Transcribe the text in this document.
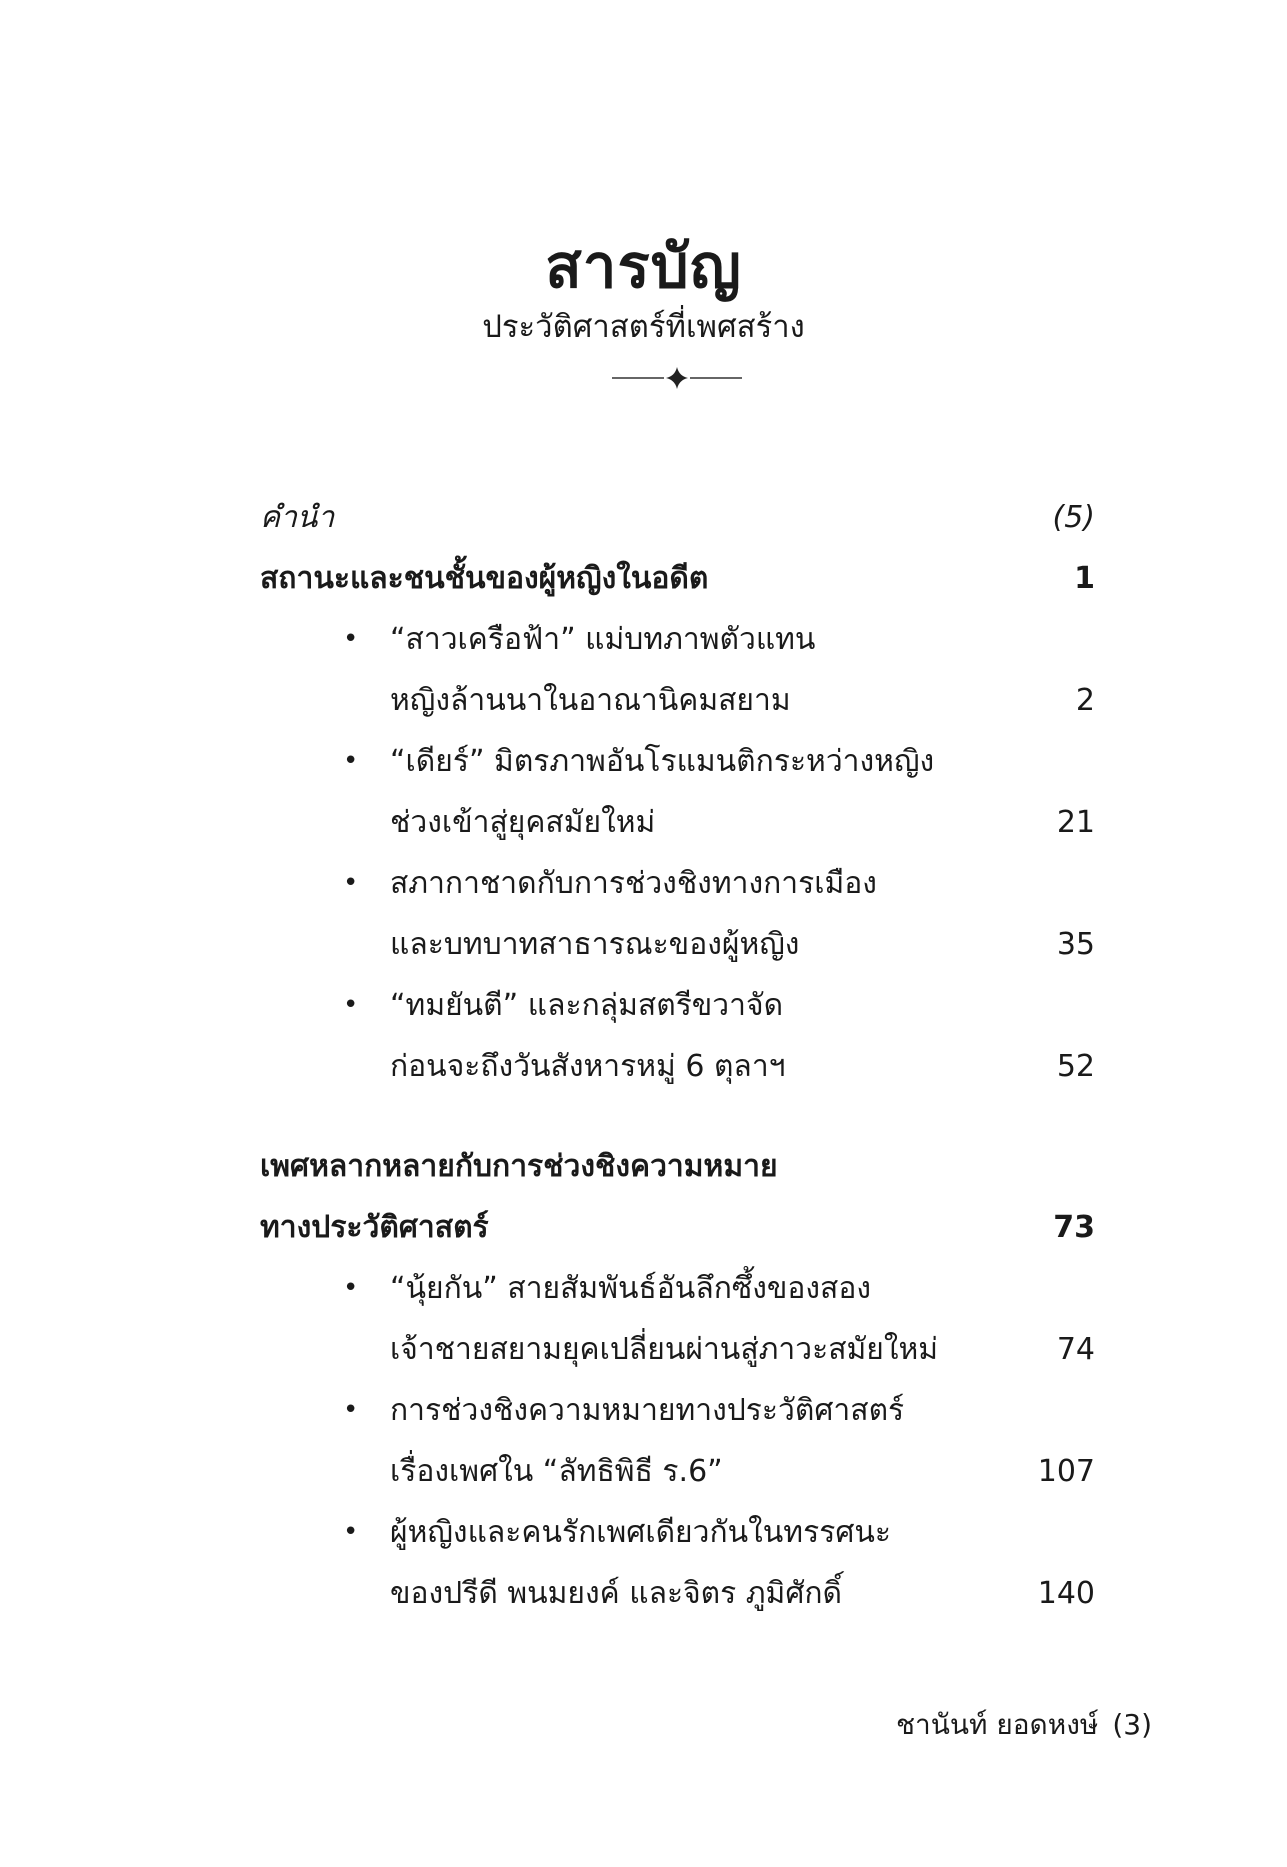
สารบัญ
ประวัติศาสตร์ที่เพศสร้าง
คำนำ	(5)
สถานะและชนชั้นของผู้หญิงในอดีต	1
• “สาวเครือฟ้า” แม่บทภาพตัวแทน
หญิงล้านนาในอาณานิคมสยาม	2
• “เดียร์” มิตรภาพอันโรแมนติกระหว่างหญิง
ช่วงเข้าสู่ยุคสมัยใหม่	21
• สภากาชาดกับการช่วงชิงทางการเมือง
และบทบาทสาธารณะของผู้หญิง	35
• “ทมยันตี” และกลุ่มสตรีขวาจัด
ก่อนจะถึงวันสังหารหมู่ 6 ตุลาฯ	52
เพศหลากหลายกับการช่วงชิงความหมาย
ทางประวัติศาสตร์	73
• “นุ้ยกัน” สายสัมพันธ์อันลึกซึ้งของสอง
เจ้าชายสยามยุคเปลี่ยนผ่านสู่ภาวะสมัยใหม่	74
• การช่วงชิงความหมายทางประวัติศาสตร์
เรื่องเพศใน “ลัทธิพิธี ร.6”	107
• ผู้หญิงและคนรักเพศเดียวกันในทรรศนะ
ของปรีดี พนมยงค์ และจิตร ภูมิศักดิ์	140
ชานันท์ ยอดหงษ์ (3)
